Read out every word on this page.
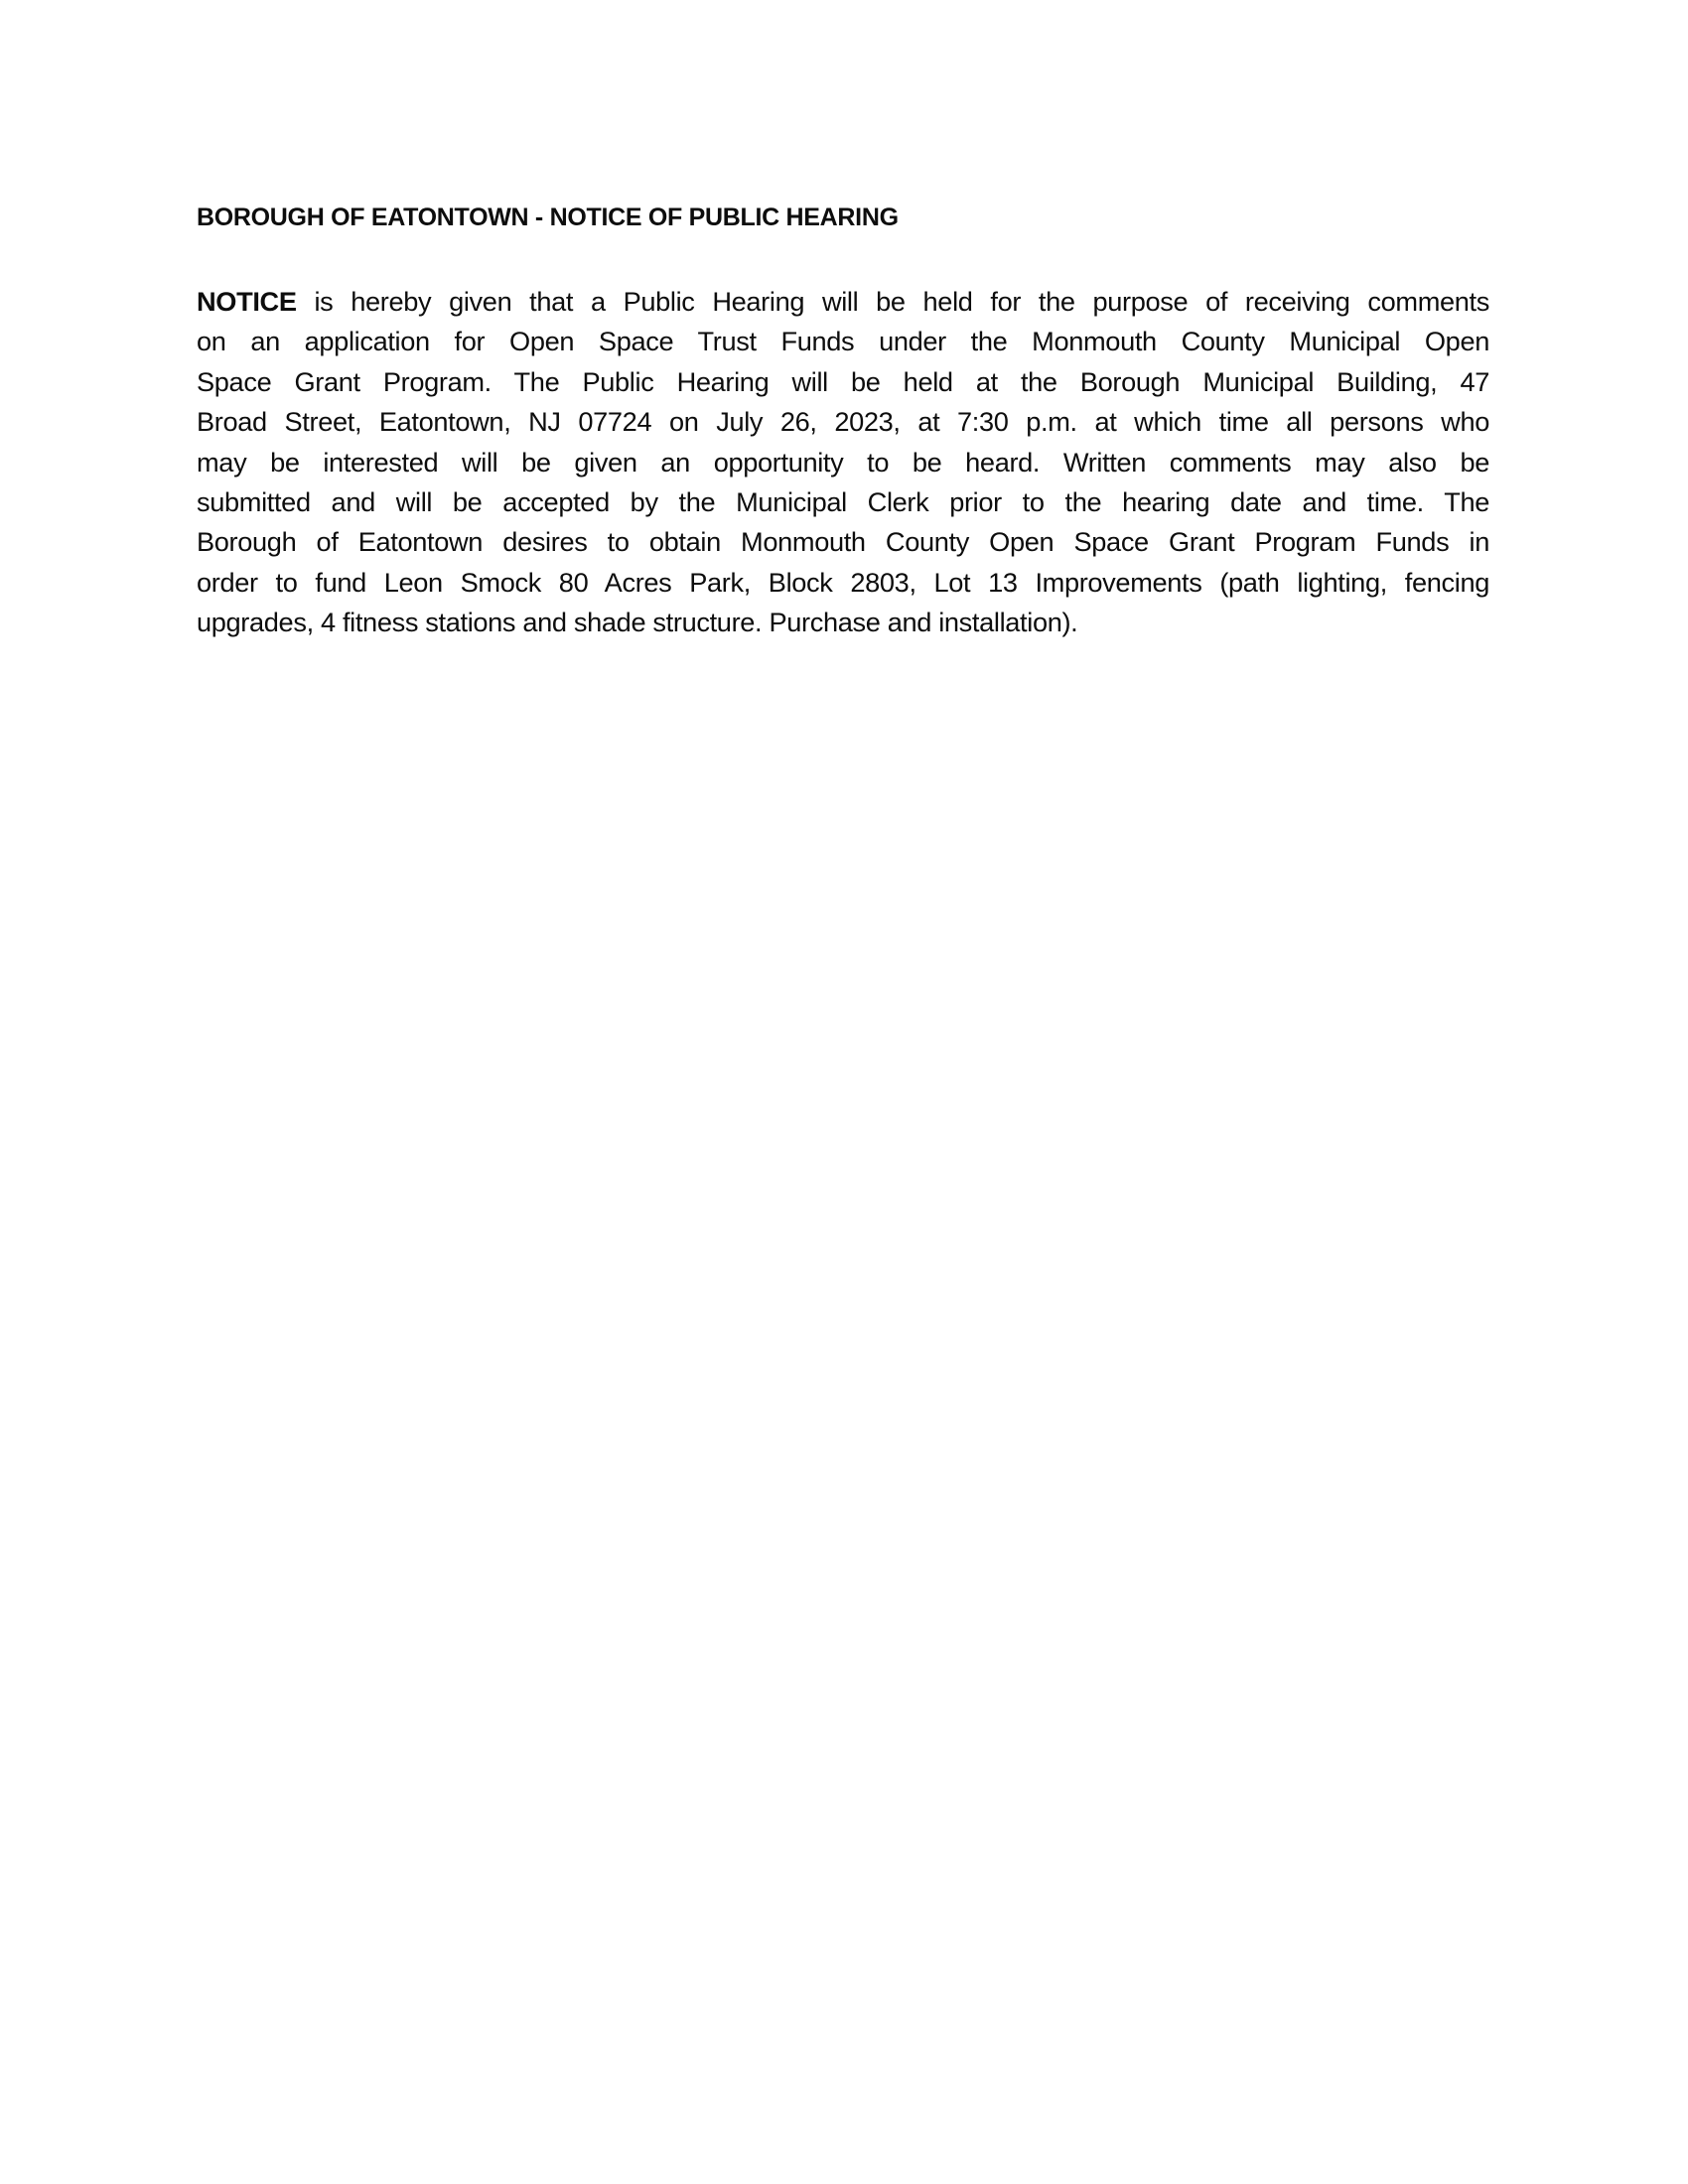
BOROUGH OF EATONTOWN - NOTICE OF PUBLIC HEARING
NOTICE is hereby given that a Public Hearing will be held for the purpose of receiving comments
on an application for Open Space Trust Funds under the Monmouth County Municipal Open
Space Grant Program. The Public Hearing will be held at the Borough Municipal Building, 47
Broad Street, Eatontown, NJ 07724 on July 26, 2023, at 7:30 p.m. at which time all persons who
may be interested will be given an opportunity to be heard. Written comments may also be
submitted and will be accepted by the Municipal Clerk prior to the hearing date and time. The
Borough of Eatontown desires to obtain Monmouth County Open Space Grant Program Funds in
order to fund Leon Smock 80 Acres Park, Block 2803, Lot 13 Improvements (path lighting, fencing
upgrades, 4 fitness stations and shade structure. Purchase and installation).
